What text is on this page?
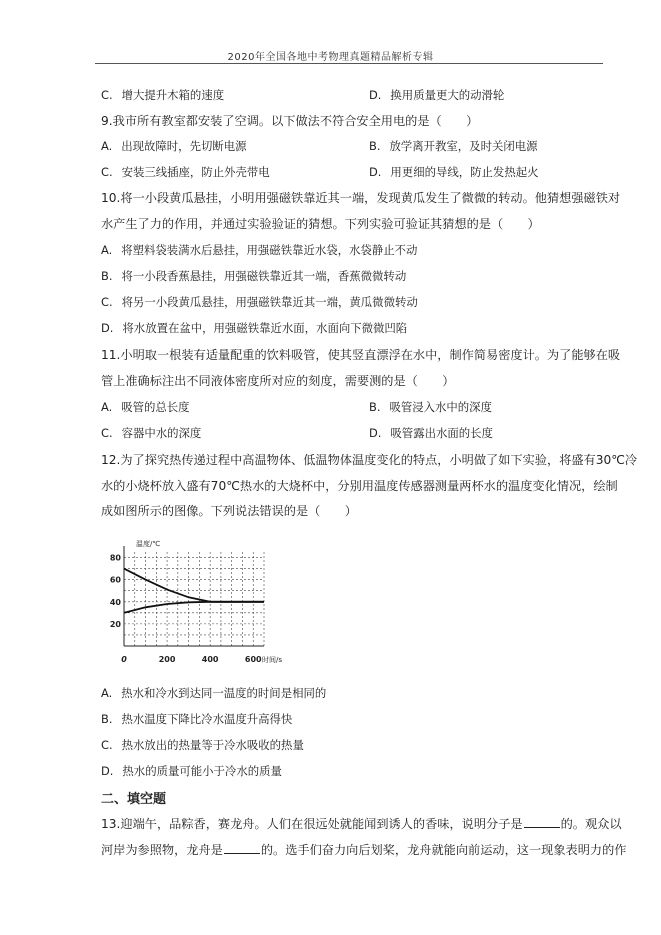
2020年全国各地中考物理真题精品解析专辑
C. 增大提升木箱的速度	D. 换用质量更大的动滑轮
9.我市所有教室都安装了空调。以下做法不符合安全用电的是（　　）
A. 出现故障时，先切断电源	B. 放学离开教室，及时关闭电源
C. 安装三线插座，防止外壳带电	D. 用更细的导线，防止发热起火
10.将一小段黄瓜悬挂，小明用强磁铁靠近其一端，发现黄瓜发生了微微的转动。他猜想强磁铁对
水产生了力的作用，并通过实验验证的猜想。下列实验可验证其猜想的是（　　）
A. 将塑料袋装满水后悬挂，用强磁铁靠近水袋，水袋静止不动
B. 将一小段香蕉悬挂，用强磁铁靠近其一端，香蕉微微转动
C. 将另一小段黄瓜悬挂，用强磁铁靠近其一端，黄瓜微微转动
D. 将水放置在盆中，用强磁铁靠近水面，水面向下微微凹陷
11.小明取一根装有适量配重的饮料吸管，使其竖直漂浮在水中，制作简易密度计。为了能够在吸
管上准确标注出不同液体密度所对应的刻度，需要测的是（　　）
A. 吸管的总长度	B. 吸管浸入水中的深度
C. 容器中水的深度	D. 吸管露出水面的长度
12.为了探究热传递过程中高温物体、低温物体温度变化的特点，小明做了如下实验，将盛有30℃冷
水的小烧杯放入盛有70℃热水的大烧杯中，分别用温度传感器测量两杯水的温度变化情况，绘制
成如图所示的图像。下列说法错误的是（　　）
20
40
60
80
200	400	600
0
温度/℃
时间/s
A. 热水和冷水到达同一温度的时间是相同的
B. 热水温度下降比冷水温度升高得快
C. 热水放出的热量等于冷水吸收的热量
D. 热水的质量可能小于冷水的质量
二、填空题
13.迎端午，品粽香，赛龙舟。人们在很远处就能闻到诱人的香味，说明分子是	的。观众以
河岸为参照物，龙舟是	的。选手们奋力向后划桨，龙舟就能向前运动，这一现象表明力的作
